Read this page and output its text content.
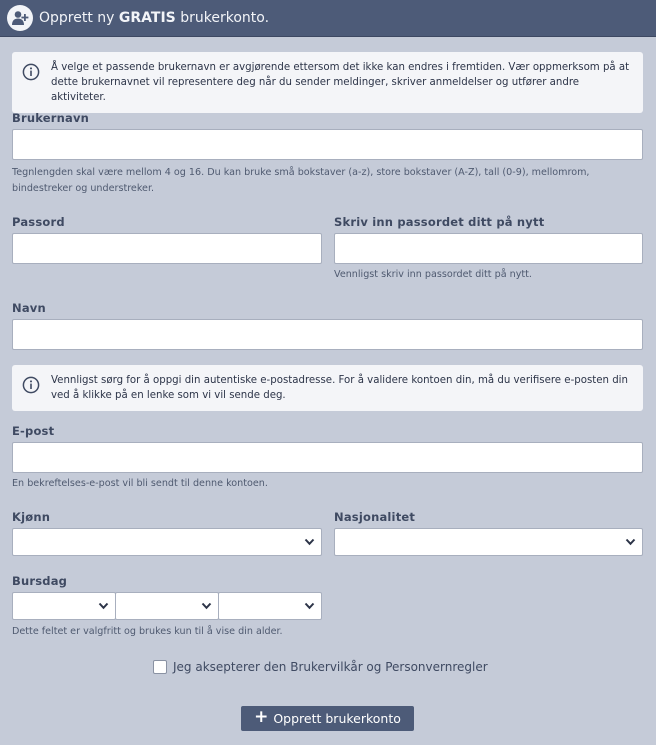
Opprett ny GRATIS brukerkonto.
Å velge et passende brukernavn er avgjørende ettersom det ikke kan endres i fremtiden. Vær oppmerksom på at dette brukernavnet vil representere deg når du sender meldinger, skriver anmeldelser og utfører andre aktiviteter.
Brukernavn
Tegnlengden skal være mellom 4 og 16. Du kan bruke små bokstaver (a-z), store bokstaver (A-Z), tall (0-9), mellomrom, bindestreker og understreker.
Passord	Skriv inn passordet ditt på nytt
Vennligst skriv inn passordet ditt på nytt.
Navn
Vennligst sørg for å oppgi din autentiske e-postadresse. For å validere kontoen din, må du verifisere e-posten din ved å klikke på en lenke som vi vil sende deg.
E-post
En bekreftelses-e-post vil bli sendt til denne kontoen.
Kjønn	Nasjonalitet
Bursdag
Dette feltet er valgfritt og brukes kun til å vise din alder.
Jeg aksepterer den Brukervilkår og Personvernregler
+ Opprett brukerkonto
